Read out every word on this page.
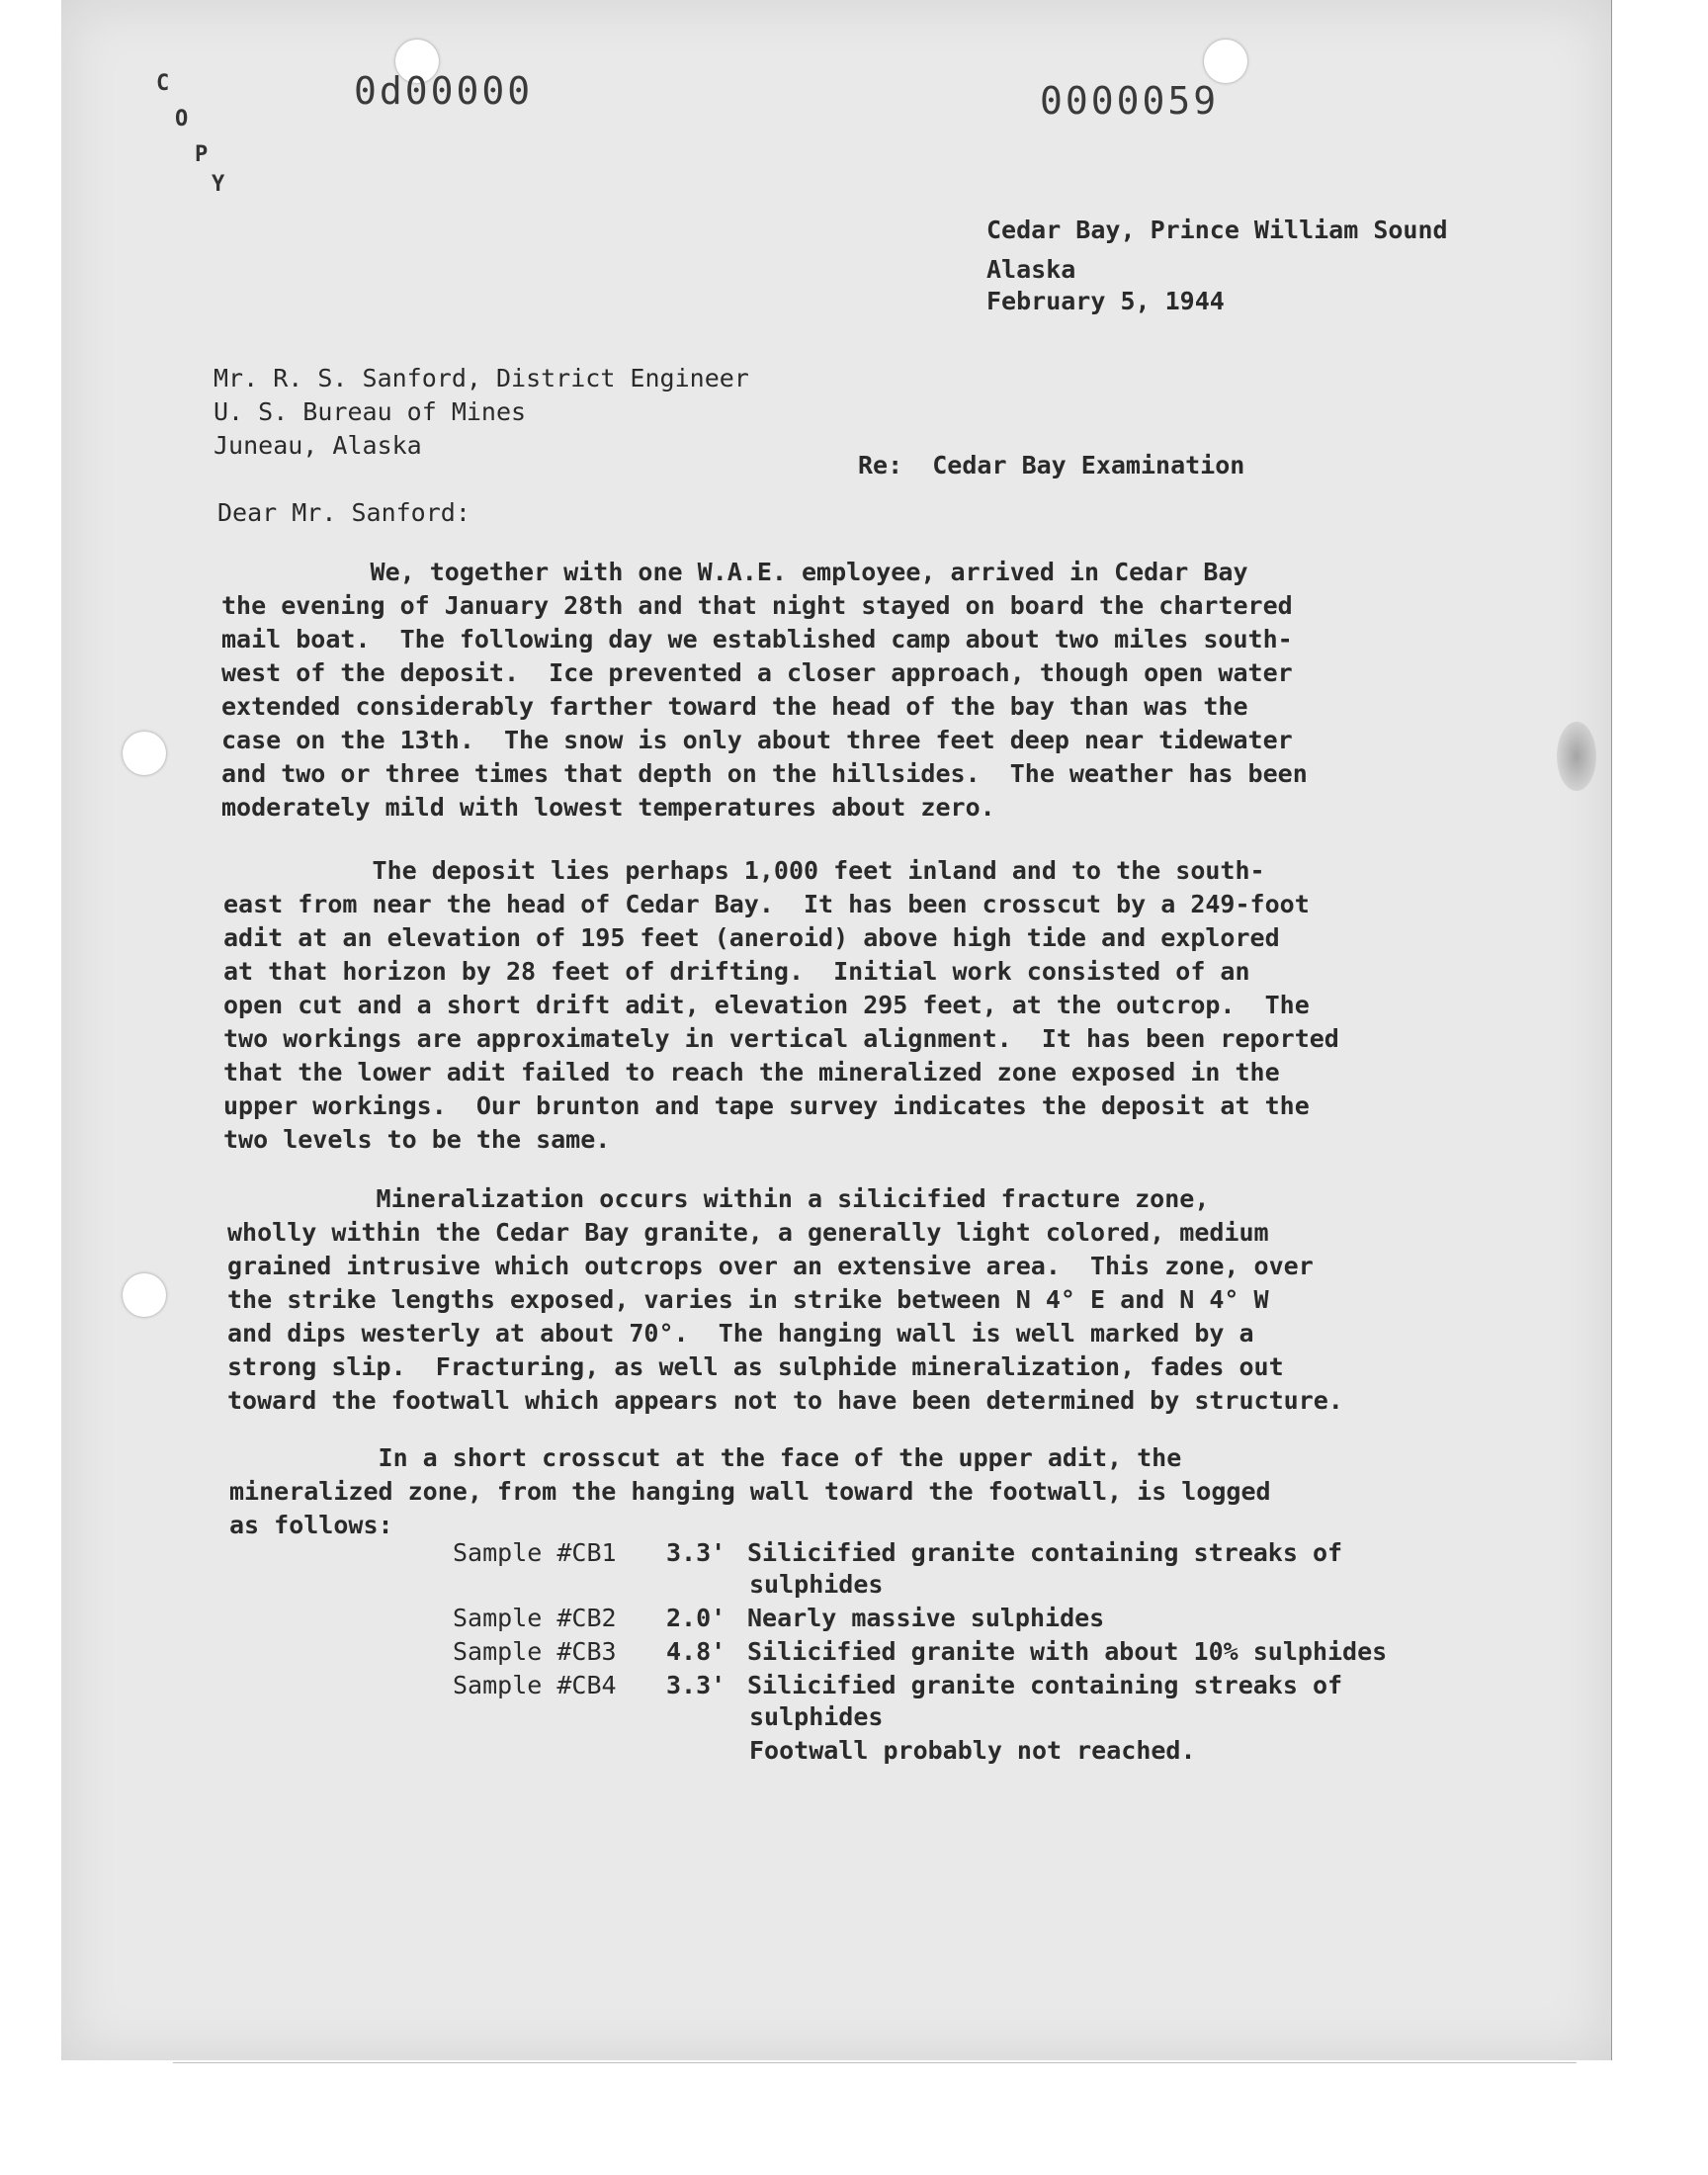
C
O
P
Y
0d00000	0000059
Cedar Bay, Prince William Sound
Alaska
February 5, 1944
Mr. R. S. Sanford, District Engineer
U. S. Bureau of Mines
Juneau, Alaska
Re:  Cedar Bay Examination
Dear Mr. Sanford:
We, together with one W.A.E. employee, arrived in Cedar Bay
the evening of January 28th and that night stayed on board the chartered
mail boat.  The following day we established camp about two miles south-
west of the deposit.  Ice prevented a closer approach, though open water
extended considerably farther toward the head of the bay than was the
case on the 13th.  The snow is only about three feet deep near tidewater
and two or three times that depth on the hillsides.  The weather has been
moderately mild with lowest temperatures about zero.
The deposit lies perhaps 1,000 feet inland and to the south-
east from near the head of Cedar Bay.  It has been crosscut by a 249-foot
adit at an elevation of 195 feet (aneroid) above high tide and explored
at that horizon by 28 feet of drifting.  Initial work consisted of an
open cut and a short drift adit, elevation 295 feet, at the outcrop.  The
two workings are approximately in vertical alignment.  It has been reported
that the lower adit failed to reach the mineralized zone exposed in the
upper workings.  Our brunton and tape survey indicates the deposit at the
two levels to be the same.
Mineralization occurs within a silicified fracture zone,
wholly within the Cedar Bay granite, a generally light colored, medium
grained intrusive which outcrops over an extensive area.  This zone, over
the strike lengths exposed, varies in strike between N 4° E and N 4° W
and dips westerly at about 70°.  The hanging wall is well marked by a
strong slip.  Fracturing, as well as sulphide mineralization, fades out
toward the footwall which appears not to have been determined by structure.
In a short crosscut at the face of the upper adit, the
mineralized zone, from the hanging wall toward the footwall, is logged
as follows:
Sample #CB1 3.3' Silicified granite containing streaks of
sulphides
Sample #CB2 2.0' Nearly massive sulphides
Sample #CB3 4.8' Silicified granite with about 10% sulphides
Sample #CB4 3.3' Silicified granite containing streaks of
sulphides
Footwall probably not reached.
